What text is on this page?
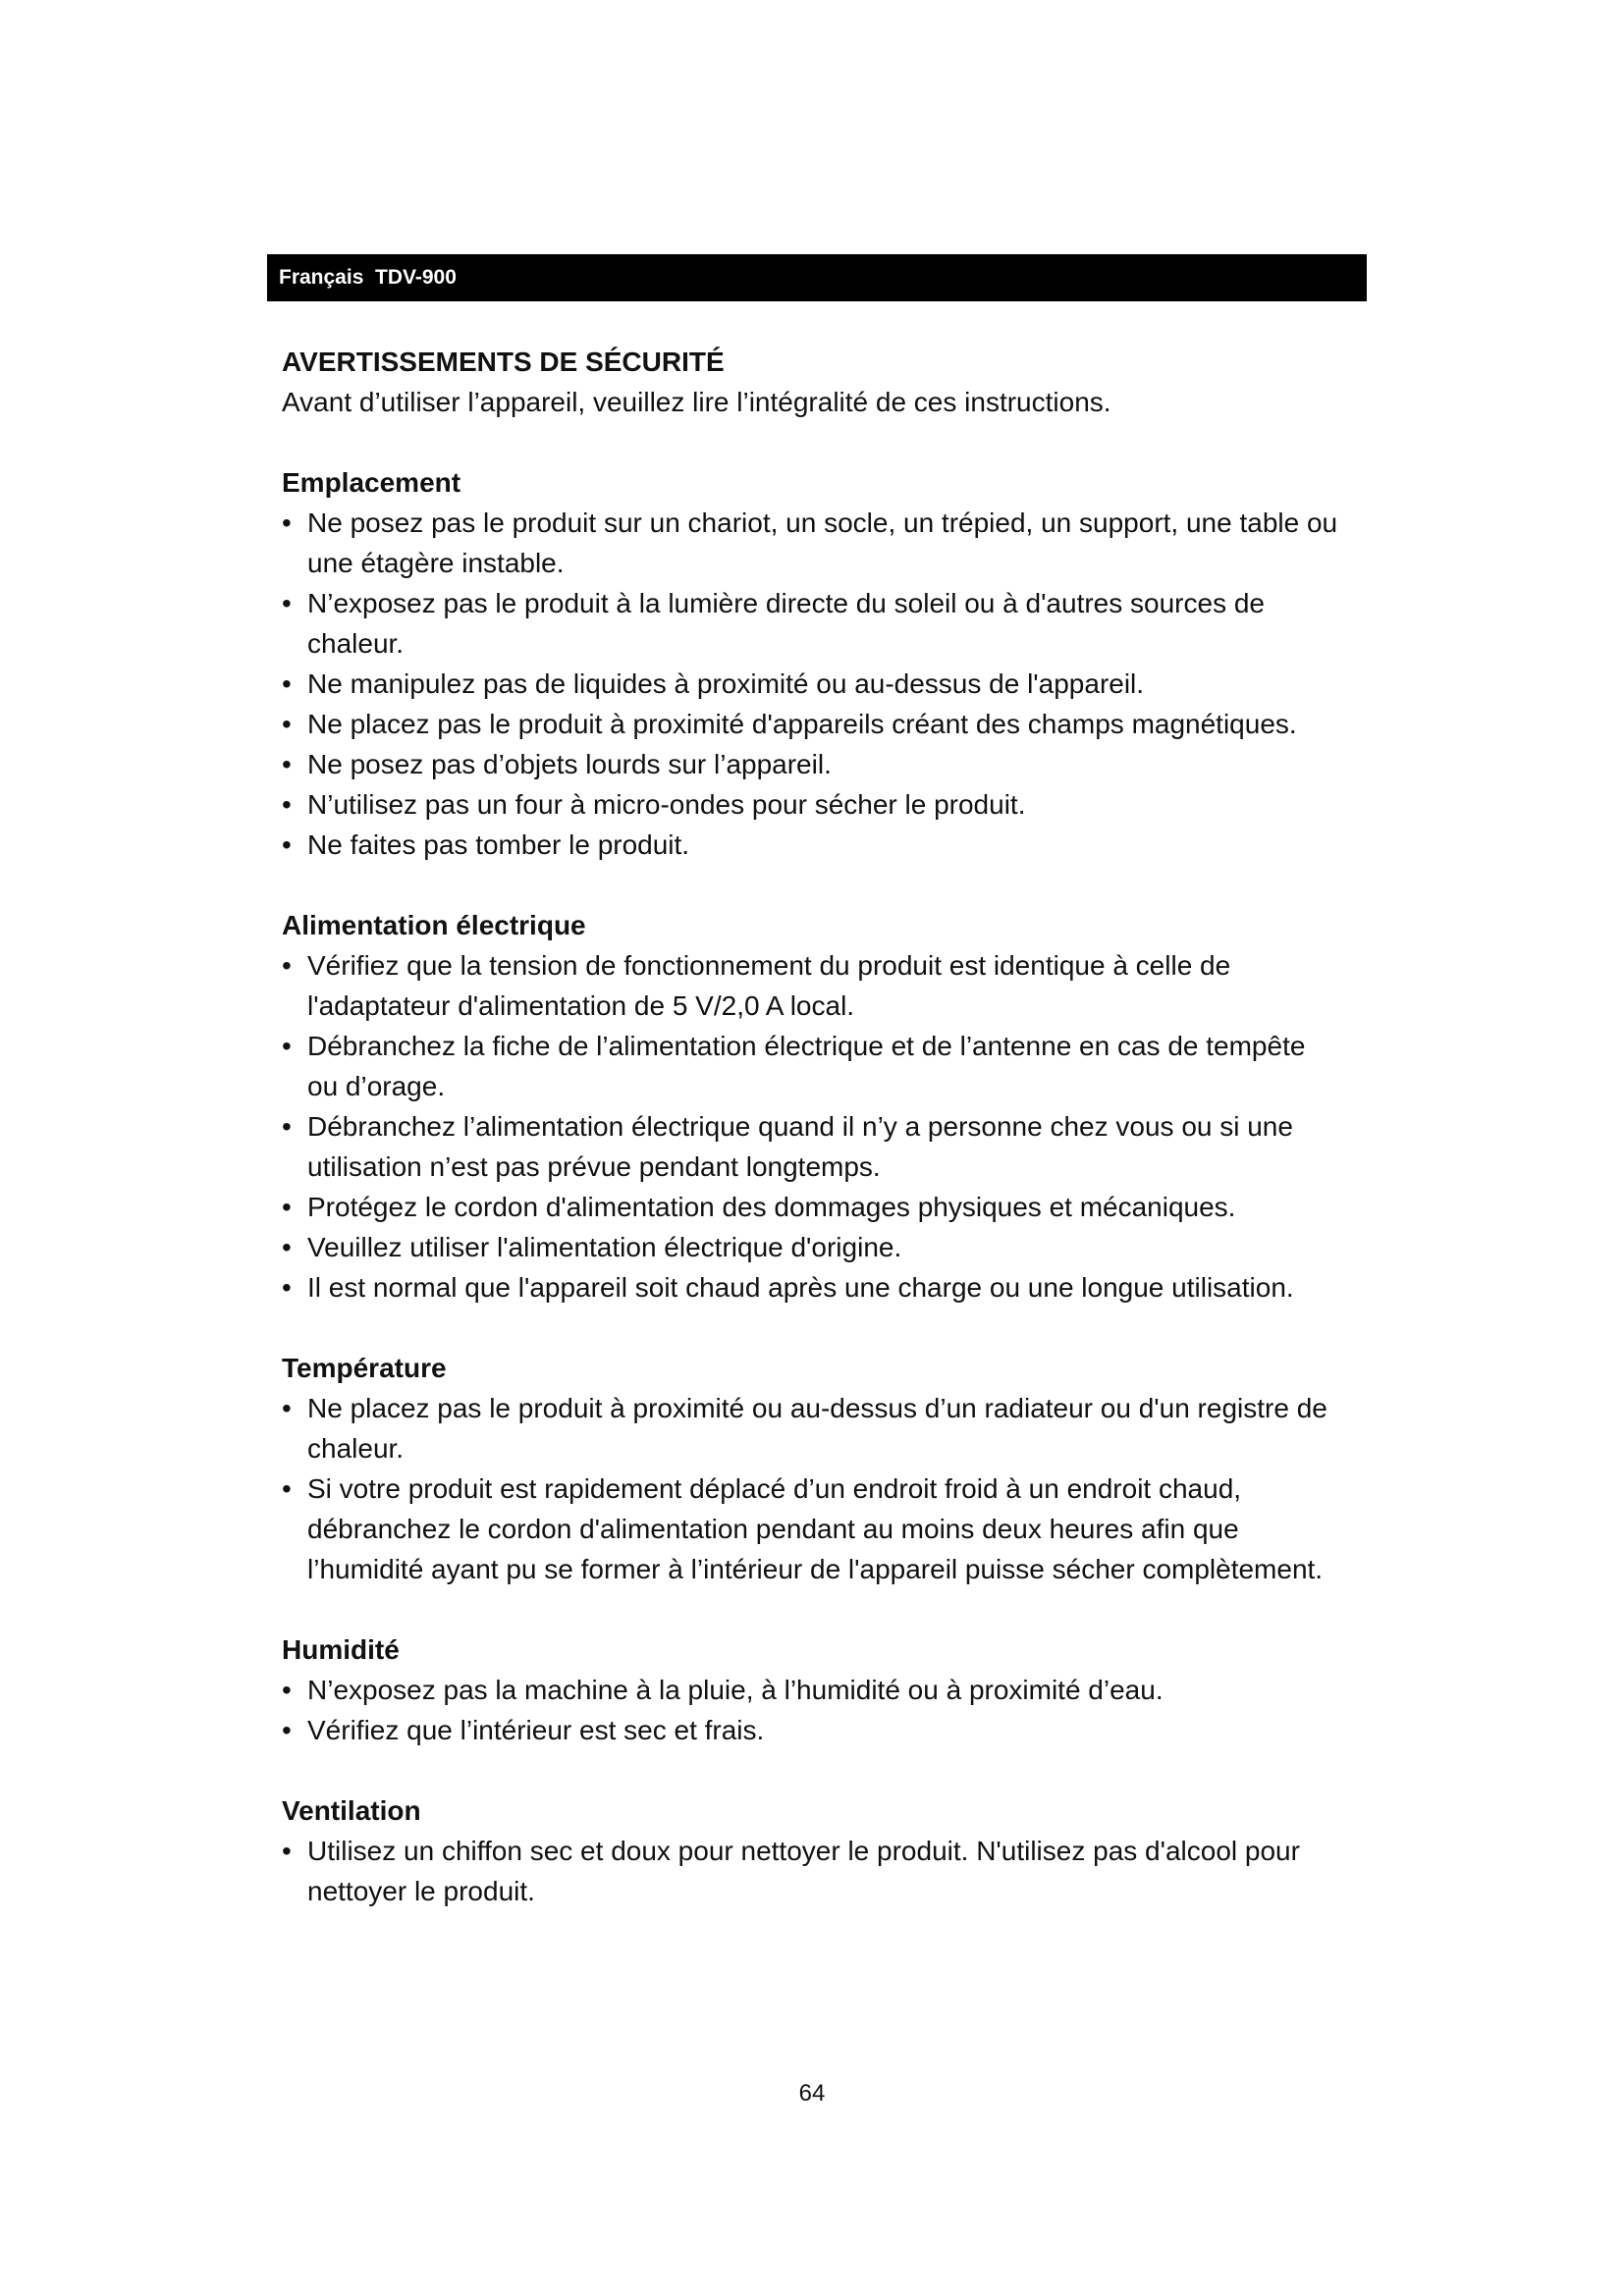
Français  TDV-900
AVERTISSEMENTS DE SÉCURITÉ

Avant d’utiliser l’appareil, veuillez lire l’intégralité de ces instructions.

Emplacement
• Ne posez pas le produit sur un chariot, un socle, un trépied, un support, une table ou une étagère instable.
• N’exposez pas le produit à la lumière directe du soleil ou à d'autres sources de chaleur.
• Ne manipulez pas de liquides à proximité ou au-dessus de l'appareil.
• Ne placez pas le produit à proximité d'appareils créant des champs magnétiques.
• Ne posez pas d’objets lourds sur l’appareil.
• N’utilisez pas un four à micro-ondes pour sécher le produit.
• Ne faites pas tomber le produit.
Alimentation électrique
• Vérifiez que la tension de fonctionnement du produit est identique à celle de l'adaptateur d'alimentation de 5 V/2,0 A local.
• Débranchez la fiche de l’alimentation électrique et de l’antenne en cas de tempête ou d’orage.
• Débranchez l’alimentation électrique quand il n’y a personne chez vous ou si une utilisation n’est pas prévue pendant longtemps.
• Protégez le cordon d'alimentation des dommages physiques et mécaniques.
• Veuillez utiliser l'alimentation électrique d'origine.
• Il est normal que l'appareil soit chaud après une charge ou une longue utilisation.
Température
• Ne placez pas le produit à proximité ou au-dessus d’un radiateur ou d'un registre de chaleur.
• Si votre produit est rapidement déplacé d’un endroit froid à un endroit chaud, débranchez le cordon d'alimentation pendant au moins deux heures afin que l’humidité ayant pu se former à l’intérieur de l'appareil puisse sécher complètement.
Humidité
• N’exposez pas la machine à la pluie, à l’humidité ou à proximité d’eau.
• Vérifiez que l’intérieur est sec et frais.
Ventilation
• Utilisez un chiffon sec et doux pour nettoyer le produit. N'utilisez pas d'alcool pour nettoyer le produit.
64
